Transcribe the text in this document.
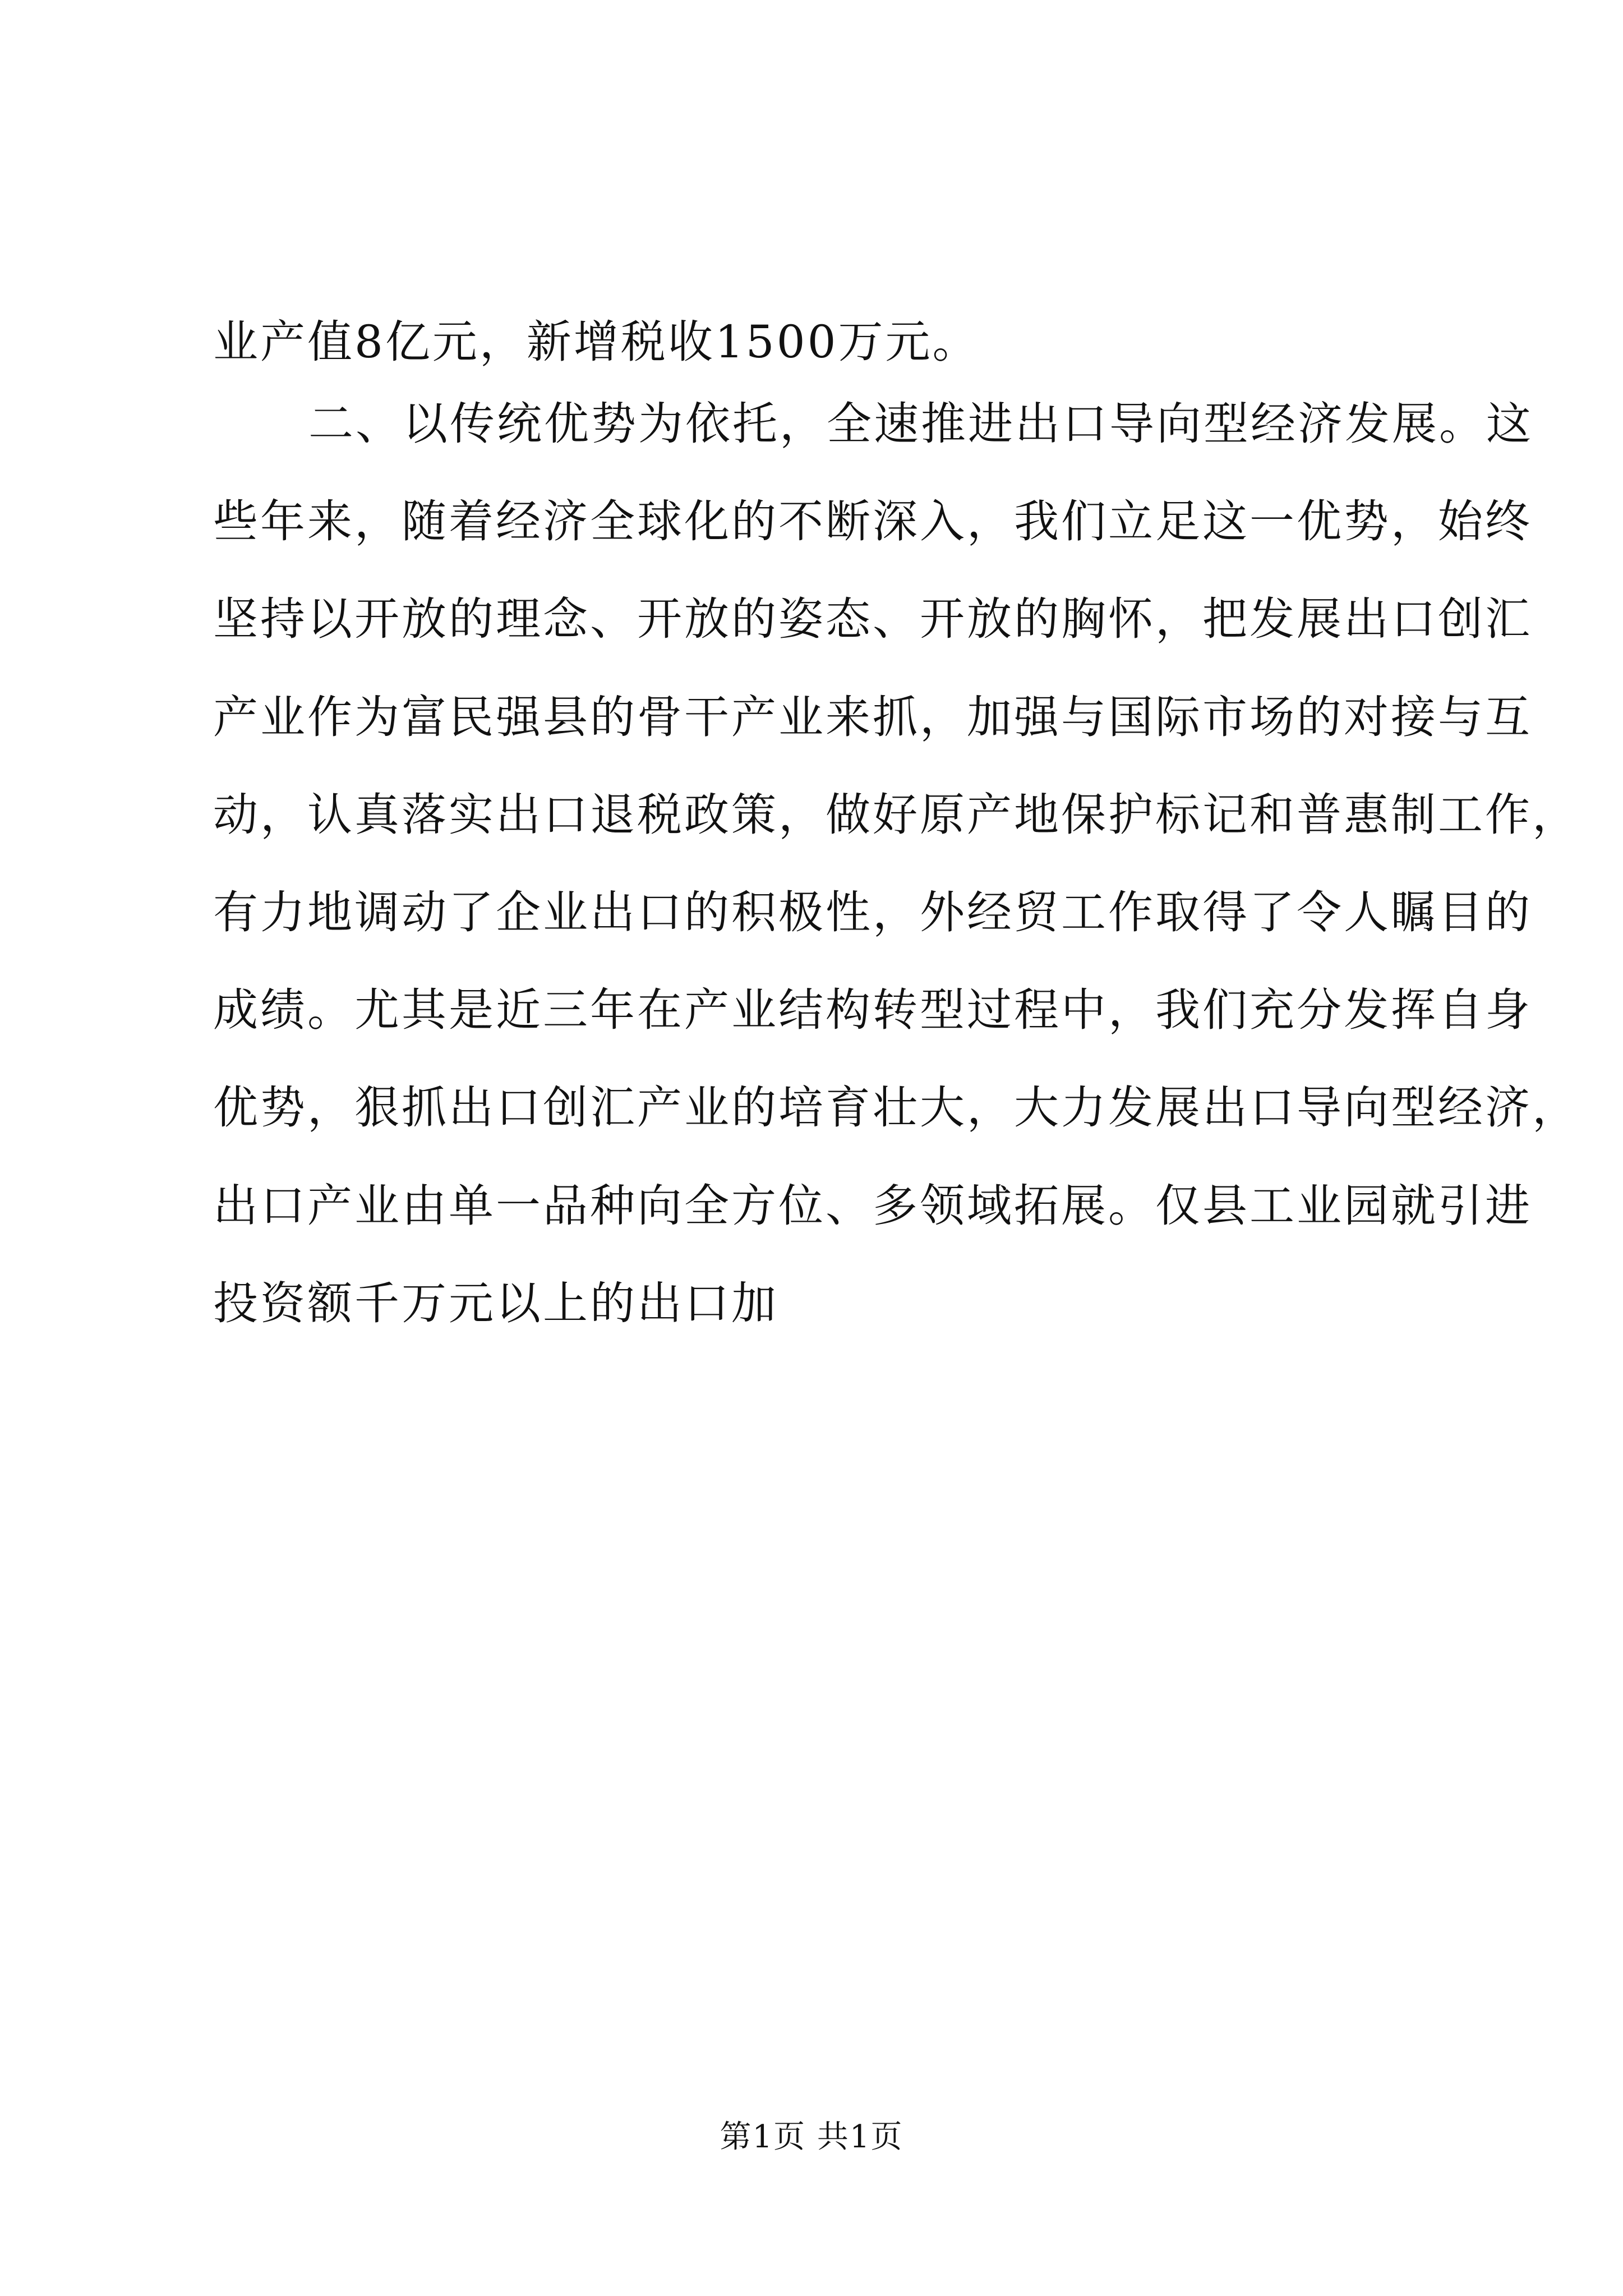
业产值8亿元，新增税收1500万元。
二、以传统优势为依托，全速推进出口导向型经济发展。这
些年来，随着经济全球化的不断深入，我们立足这一优势，始终
坚持以开放的理念、开放的姿态、开放的胸怀，把发展出口创汇
产业作为富民强县的骨干产业来抓，加强与国际市场的对接与互
动，认真落实出口退税政策，做好原产地保护标记和普惠制工作，
有力地调动了企业出口的积极性，外经贸工作取得了令人瞩目的
成绩。尤其是近三年在产业结构转型过程中，我们充分发挥自身
优势，狠抓出口创汇产业的培育壮大，大力发展出口导向型经济，
出口产业由单一品种向全方位、多领域拓展。仅县工业园就引进
投资额千万元以上的出口加
第1页 共1页
